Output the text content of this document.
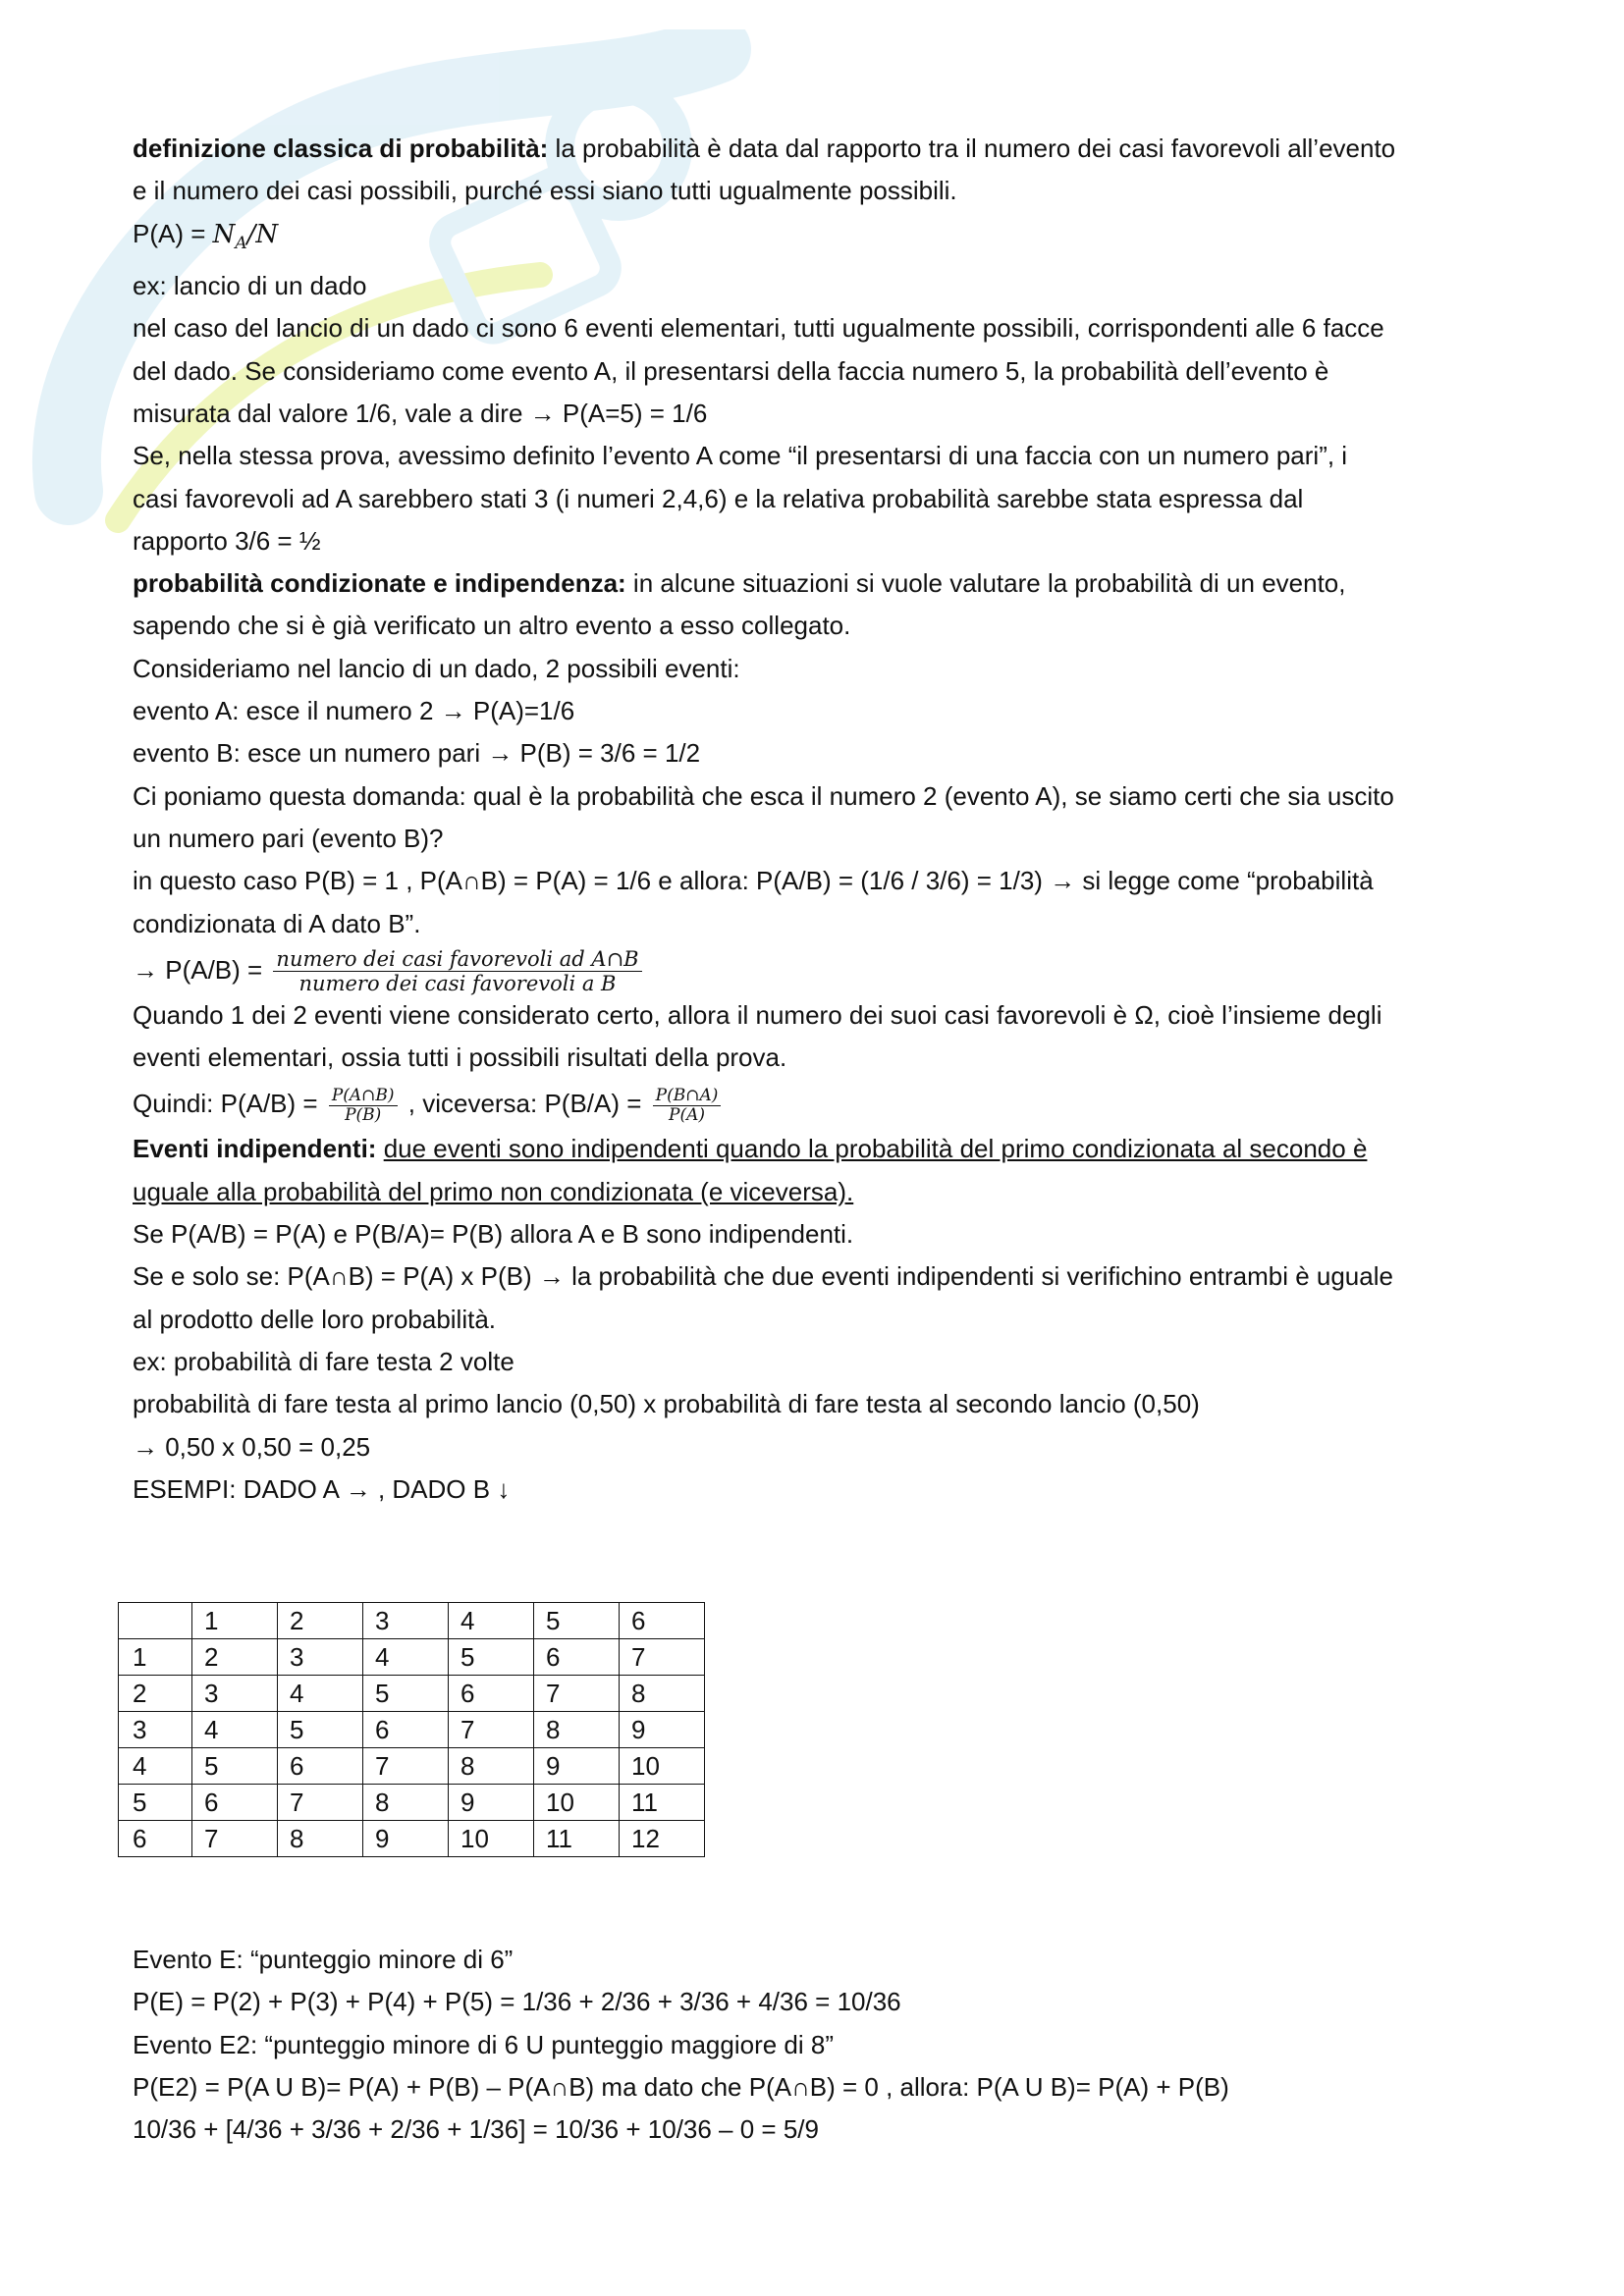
definizione classica di probabilità: la probabilità è data dal rapporto tra il numero dei casi favorevoli all’evento
e il numero dei casi possibili, purché essi siano tutti ugualmente possibili.
$P(A) = N_A/N$
ex: lancio di un dado
nel caso del lancio di un dado ci sono 6 eventi elementari, tutti ugualmente possibili, corrispondenti alle 6 facce
del dado. Se consideriamo come evento A, il presentarsi della faccia numero 5, la probabilità dell’evento è
misurata dal valore 1/6, vale a dire → P(A=5) = 1/6
Se, nella stessa prova, avessimo definito l’evento A come “il presentarsi di una faccia con un numero pari”, i
casi favorevoli ad A sarebbero stati 3 (i numeri 2,4,6) e la relativa probabilità sarebbe stata espressa dal
rapporto 3/6 = ½
probabilità condizionate e indipendenza: in alcune situazioni si vuole valutare la probabilità di un evento,
sapendo che si è già verificato un altro evento a esso collegato.
Consideriamo nel lancio di un dado, 2 possibili eventi:
evento A: esce il numero 2 → P(A)=1/6
evento B: esce un numero pari → P(B) = 3/6 = 1/2
Ci poniamo questa domanda: qual è la probabilità che esca il numero 2 (evento A), se siamo certi che sia uscito
un numero pari (evento B)?
in questo caso P(B) = 1 , P(A∩B) = P(A) = 1/6 e allora: P(A/B) = (1/6 / 3/6) = 1/3) → si legge come “probabilità
condizionata di A dato B”.
→ $P(A/B) = \frac{\text{numero dei casi favorevoli ad A∩B}}{\text{numero dei casi favorevoli a B}}$
Quando 1 dei 2 eventi viene considerato certo, allora il numero dei suoi casi favorevoli è Ω, cioè l’insieme degli
eventi elementari, ossia tutti i possibili risultati della prova.
Quindi: $P(A/B) = \frac{P(A\cap B)}{P(B)}$ , viceversa: $P(B/A) = \frac{P(B\cap A)}{P(A)}$
Eventi indipendenti: due eventi sono indipendenti quando la probabilità del primo condizionata al secondo è
uguale alla probabilità del primo non condizionata (e viceversa).
Se P(A/B) = P(A) e P(B/A)= P(B) allora A e B sono indipendenti.
Se e solo se: P(A∩B) = P(A) x P(B) → la probabilità che due eventi indipendenti si verifichino entrambi è uguale
al prodotto delle loro probabilità.
ex: probabilità di fare testa 2 volte
probabilità di fare testa al primo lancio (0,50) x probabilità di fare testa al secondo lancio (0,50)
→ 0,50 x 0,50 = 0,25
ESEMPI: DADO A → , DADO B ↓
	1	2	3	4	5	6
1	2	3	4	5	6	7
2	3	4	5	6	7	8
3	4	5	6	7	8	9
4	5	6	7	8	9	10
5	6	7	8	9	10	11
6	7	8	9	10	11	12
Evento E: “punteggio minore di 6”
P(E) = P(2) + P(3) + P(4) + P(5) = 1/36 + 2/36 + 3/36 + 4/36 = 10/36
Evento E2: “punteggio minore di 6 U punteggio maggiore di 8”
P(E2) = P(A U B)= P(A) + P(B) – P(A∩B) ma dato che P(A∩B) = 0 , allora: P(A U B)= P(A) + P(B)
10/36 + [4/36 + 3/36 + 2/36 + 1/36] = 10/36 + 10/36 – 0 = 5/9
